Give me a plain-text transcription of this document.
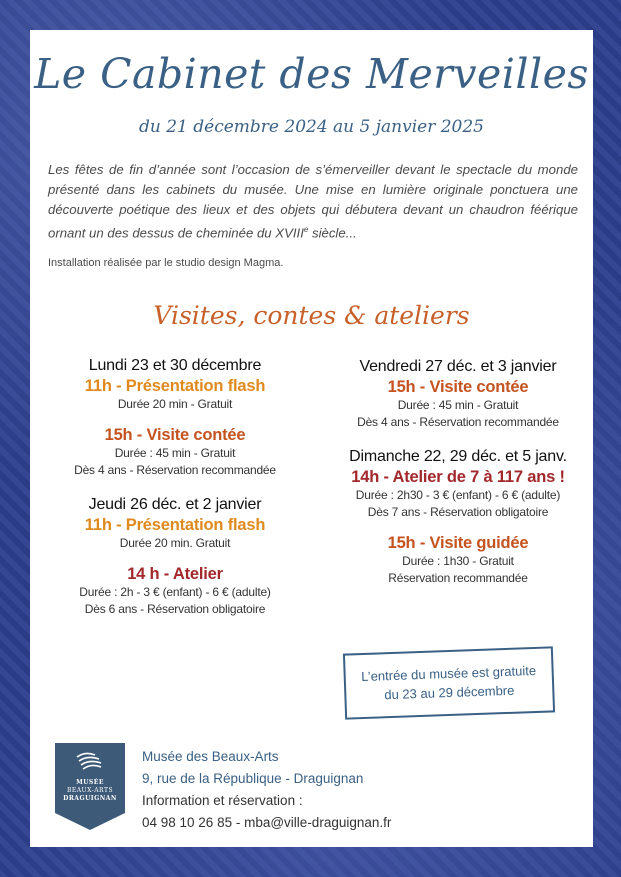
Le Cabinet des Merveilles
du 21 décembre 2024 au 5 janvier 2025
Les fêtes de fin d’année sont l’occasion de s’émerveiller devant le spectacle du monde présenté dans les cabinets du musée. Une mise en lumière originale ponctuera une découverte poétique des lieux et des objets qui débutera devant un chaudron féérique ornant un des dessus de cheminée du XVIIIe siècle...
Installation réalisée par le studio design Magma.
Visites, contes & ateliers
Lundi 23 et 30 décembre
11h - Présentation flash
Durée 20 min - Gratuit
15h - Visite contée
Durée : 45 min - Gratuit
Dès 4 ans - Réservation recommandée
Jeudi 26 déc. et 2 janvier
11h - Présentation flash
Durée 20 min. Gratuit
14 h - Atelier
Durée : 2h - 3 € (enfant) - 6 € (adulte)
Dès 6 ans - Réservation obligatoire
Vendredi 27 déc. et 3 janvier
15h - Visite contée
Durée : 45 min - Gratuit
Dès 4 ans - Réservation recommandée
Dimanche 22, 29 déc. et 5 janv.
14h - Atelier de 7 à 117 ans !
Durée : 2h30 - 3 € (enfant) - 6 € (adulte)
Dès 7 ans - Réservation obligatoire
15h - Visite guidée
Durée : 1h30 - Gratuit
Réservation recommandée
L’entrée du musée est gratuite
du 23 au 29 décembre
MUSÉE
BEAUX-ARTS
DRAGUIGNAN
Musée des Beaux-Arts
9, rue de la République - Draguignan
Information et réservation :
04 98 10 26 85 - mba@ville-draguignan.fr
